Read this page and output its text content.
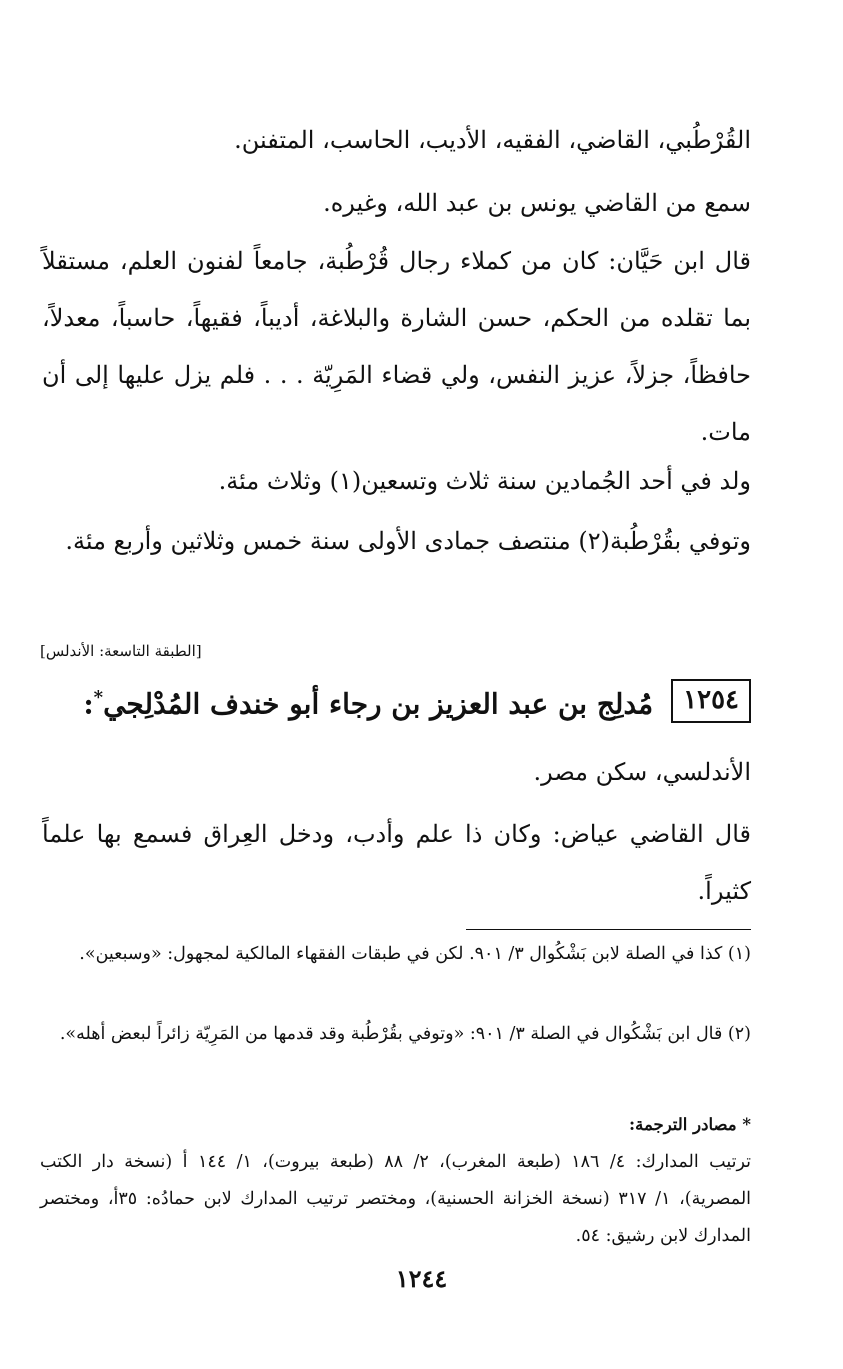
القُرْطُبي، القاضي، الفقيه، الأديب، الحاسب، المتفنن.

سمع من القاضي يونس بن عبد الله، وغيره.

قال ابن حَيَّان: كان من كملاء رجال قُرْطُبة، جامعاً لفنون العلم، مستقلاً بما تقلده من الحكم، حسن الشارة والبلاغة، أديباً، فقيهاً، حاسباً، معدلاً، حافظاً، جزلاً، عزيز النفس، ولي قضاء المَرِيّة . . . فلم يزل عليها إلى أن مات.

ولد في أحد الجُمادين سنة ثلاث وتسعين(١) وثلاث مئة.

وتوفي بقُرْطُبة(٢) منتصف جمادى الأولى سنة خمس وثلاثين وأربع مئة.

[الطبقة التاسعة: الأندلس]
١٢٥٤
مُدلِج بن عبد العزيز بن رجاء أبو خندف المُدْلِجي*:

الأندلسي، سكن مصر.

قال القاضي عياض: وكان ذا علم وأدب، ودخل العِراق فسمع بها علماً كثيراً.

(١) كذا في الصلة لابن بَشْكُوال ٣/ ٩٠١. لكن في طبقات الفقهاء المالكية لمجهول: «وسبعين».

(٢) قال ابن بَشْكُوال في الصلة ٣/ ٩٠١: «وتوفي بقُرْطُبة وقد قدمها من المَرِيّة زائراً لبعض أهله».

* مصادر الترجمة:

ترتيب المدارك: ٤/ ١٨٦ (طبعة المغرب)، ٢/ ٨٨ (طبعة بيروت)، ١/ ١٤٤ أ (نسخة دار الكتب المصرية)، ١/ ٣١٧ (نسخة الخزانة الحسنية)، ومختصر ترتيب المدارك لابن حمادُه: ٣٥أ، ومختصر المدارك لابن رشيق: ٥٤.

١٢٤٤
